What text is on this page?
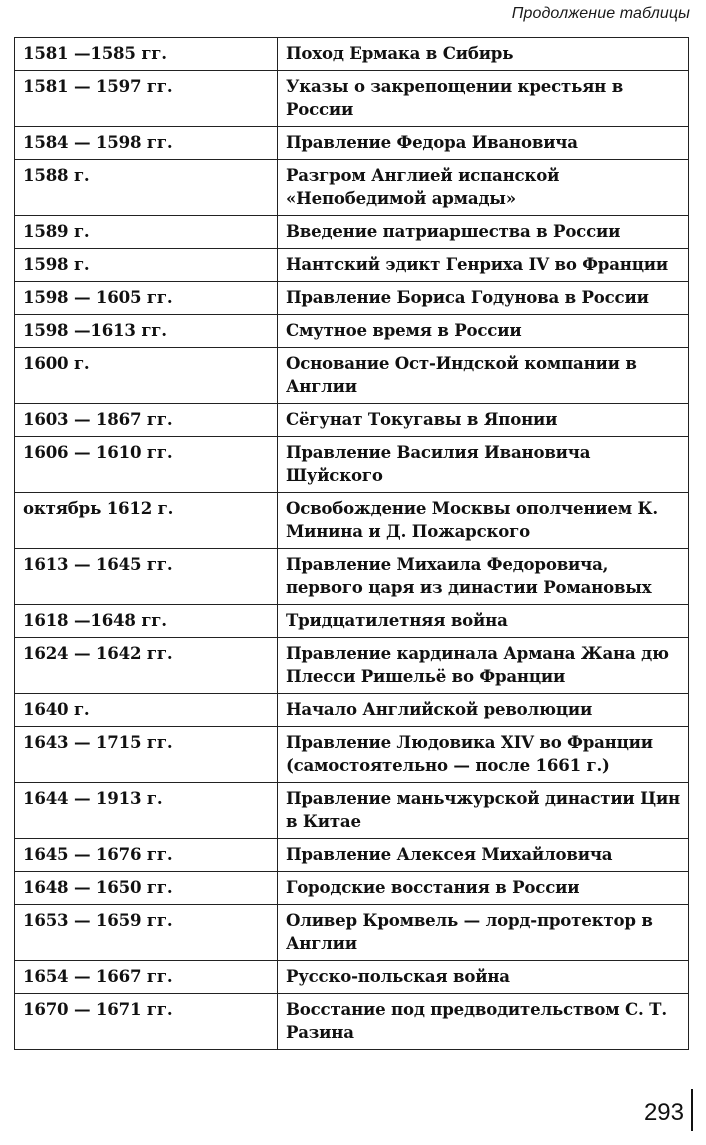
Продолжение таблицы
1581 —1585 гг.	Поход Ермака в Сибирь
1581 — 1597 гг.	Указы о закрепощении крестьян в России
1584 — 1598 гг.	Правление Федора Ивановича
1588 г.	Разгром Англией испанской «Непобедимой армады»
1589 г.	Введение патриаршества в России
1598 г.	Нантский эдикт Генриха IV во Франции
1598 — 1605 гг.	Правление Бориса Годунова в России
1598 —1613 гг.	Смутное время в России
1600 г.	Основание Ост-Индской компании в Англии
1603 — 1867 гг.	Сёгунат Токугавы в Японии
1606 — 1610 гг.	Правление Василия Ивановича Шуйского
октябрь 1612 г.	Освобождение Москвы ополчением К. Минина и Д. Пожарского
1613 — 1645 гг.	Правление Михаила Федоровича, первого царя из династии Романовых
1618 —1648 гг.	Тридцатилетняя война
1624 — 1642 гг.	Правление кардинала Армана Жана дю Плесси Ришельё во Франции
1640 г.	Начало Английской революции
1643 — 1715 гг.	Правление Людовика XIV во Франции (самостоятельно — после 1661 г.)
1644 — 1913 г.	Правление маньчжурской династии Цин в Китае
1645 — 1676 гг.	Правление Алексея Михайловича
1648 — 1650 гг.	Городские восстания в России
1653 — 1659 гг.	Оливер Кромвель — лорд-протектор в Англии
1654 — 1667 гг.	Русско-польская война
1670 — 1671 гг.	Восстание под предводительством С. Т. Разина
293
